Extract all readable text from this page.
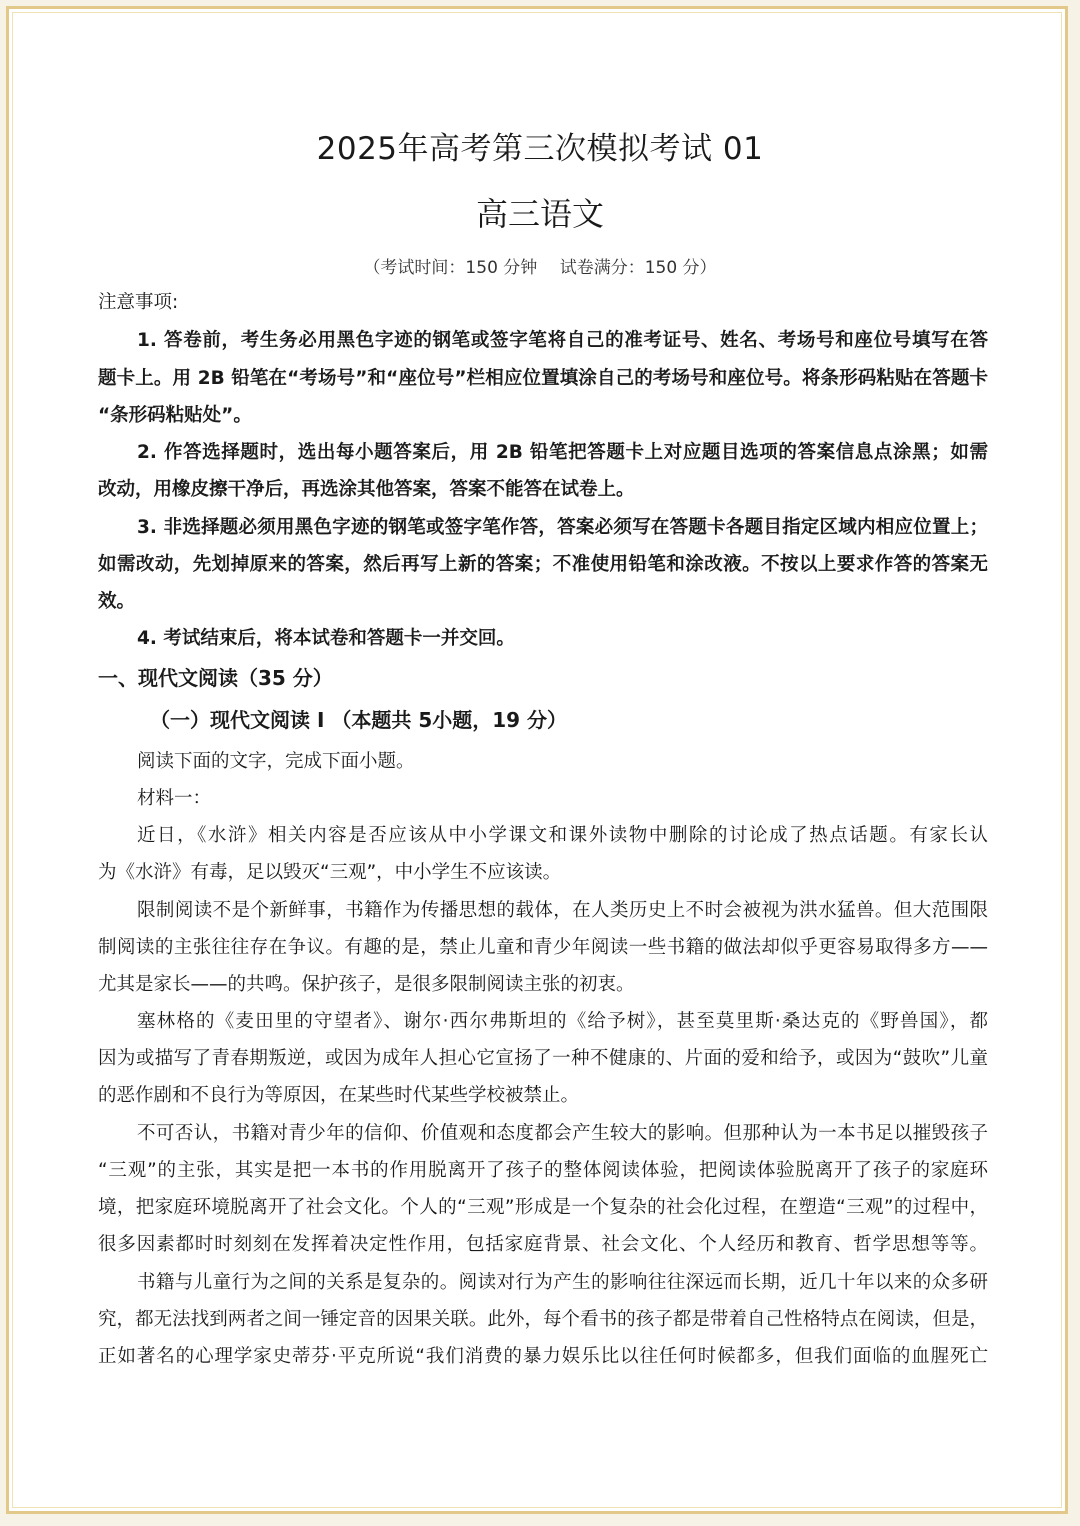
2025年高考第三次模拟考试 01
高三语文
（考试时间：150 分钟　 试卷满分：150 分）
注意事项:
1. 答卷前，考生务必用黑色字迹的钢笔或签字笔将自己的准考证号、姓名、考场号和座位号填写在答
题卡上。用 2B 铅笔在“考场号”和“座位号”栏相应位置填涂自己的考场号和座位号。将条形码粘贴在答题卡
“条形码粘贴处”。
2. 作答选择题时，选出每小题答案后，用 2B 铅笔把答题卡上对应题目选项的答案信息点涂黑；如需
改动，用橡皮擦干净后，再选涂其他答案，答案不能答在试卷上。
3. 非选择题必须用黑色字迹的钢笔或签字笔作答，答案必须写在答题卡各题目指定区域内相应位置上；
如需改动，先划掉原来的答案，然后再写上新的答案；不准使用铅笔和涂改液。不按以上要求作答的答案无
效。
4. 考试结束后，将本试卷和答题卡一并交回。
一、现代文阅读（35 分）
（一）现代文阅读 I （本题共 5小题，19 分）
阅读下面的文字，完成下面小题。
材料一：
近日，《水浒》相关内容是否应该从中小学课文和课外读物中删除的讨论成了热点话题。有家长认
为《水浒》有毒，足以毁灭“三观”，中小学生不应该读。
限制阅读不是个新鲜事，书籍作为传播思想的载体，在人类历史上不时会被视为洪水猛兽。但大范围限
制阅读的主张往往存在争议。有趣的是，禁止儿童和青少年阅读一些书籍的做法却似乎更容易取得多方——
尤其是家长——的共鸣。保护孩子，是很多限制阅读主张的初衷。
塞林格的《麦田里的守望者》、谢尔·西尔弗斯坦的《给予树》，甚至莫里斯·桑达克的《野兽国》，都
因为或描写了青春期叛逆，或因为成年人担心它宣扬了一种不健康的、片面的爱和给予，或因为“鼓吹”儿童
的恶作剧和不良行为等原因，在某些时代某些学校被禁止。
不可否认，书籍对青少年的信仰、价值观和态度都会产生较大的影响。但那种认为一本书足以摧毁孩子
“三观”的主张，其实是把一本书的作用脱离开了孩子的整体阅读体验，把阅读体验脱离开了孩子的家庭环
境，把家庭环境脱离开了社会文化。个人的“三观”形成是一个复杂的社会化过程，在塑造“三观”的过程中，
很多因素都时时刻刻在发挥着决定性作用，包括家庭背景、社会文化、个人经历和教育、哲学思想等等。
书籍与儿童行为之间的关系是复杂的。阅读对行为产生的影响往往深远而长期，近几十年以来的众多研
究，都无法找到两者之间一锤定音的因果关联。此外，每个看书的孩子都是带着自己性格特点在阅读，但是，
正如著名的心理学家史蒂芬·平克所说“我们消费的暴力娱乐比以往任何时候都多，但我们面临的血腥死亡
